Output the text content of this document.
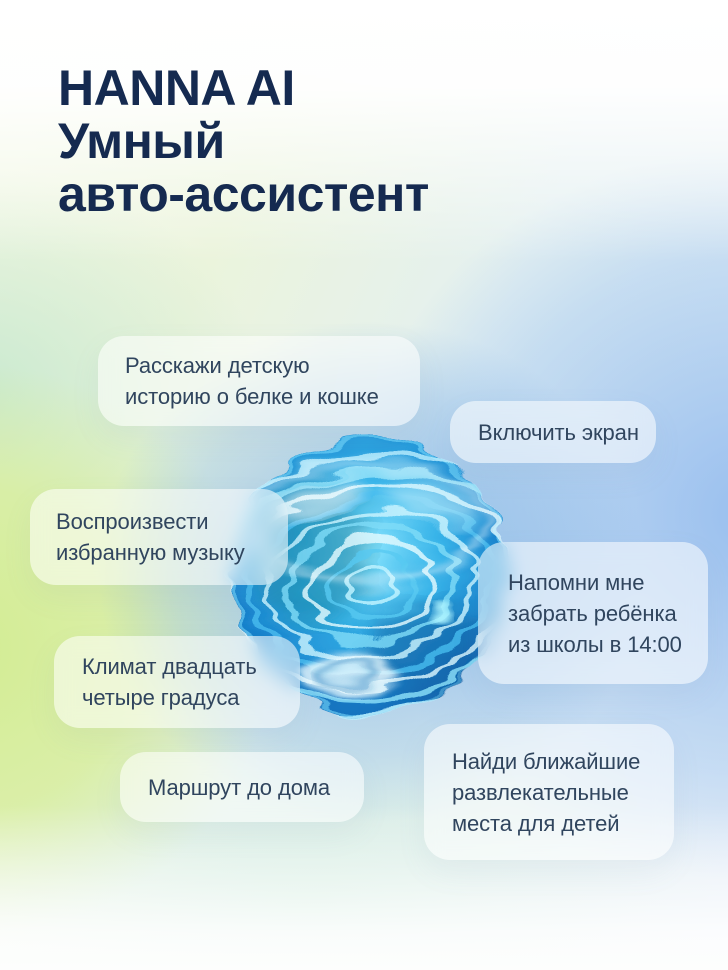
HANNA AI
Умный
авто-ассистент
Расскажи детскую
историю о белке и кошке
Включить экран
Воспроизвести
избранную музыку
Напомни мне
забрать ребёнка
из школы в 14:00
Климат двадцать
четыре градуса
Маршрут до дома
Найди ближайшие
развлекательные
места для детей
